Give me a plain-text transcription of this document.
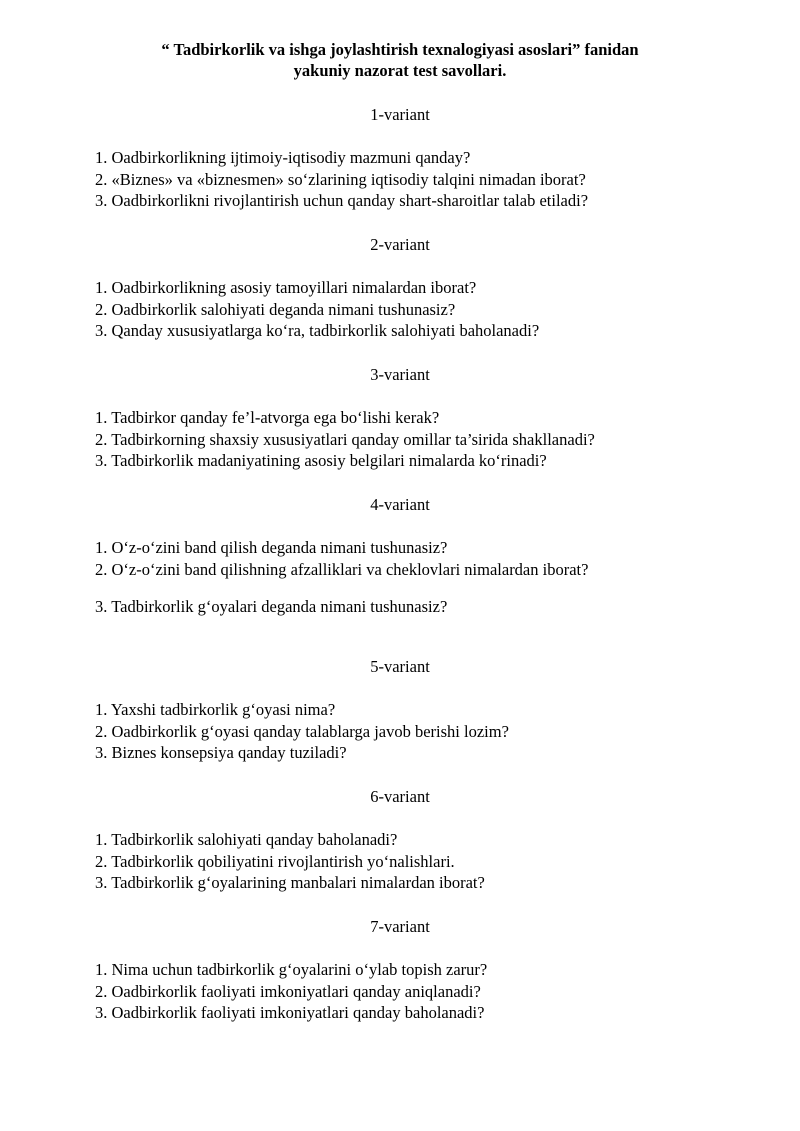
“ Tadbirkorlik va ishga joylashtirish texnalogiyasi asoslari” fanidan
yakuniy nazorat test savollari.
1-variant
1. Oadbirkorlikning ijtimoiy-iqtisodiy mazmuni qanday?
2. «Biznes» va «biznesmen» so‘zlarining iqtisodiy talqini nimadan iborat?
3. Oadbirkorlikni rivojlantirish uchun qanday shart-sharoitlar talab etiladi?
2-variant
1. Oadbirkorlikning asosiy tamoyillari nimalardan iborat?
2. Oadbirkorlik salohiyati deganda nimani tushunasiz?
3. Qanday xususiyatlarga ko‘ra, tadbirkorlik salohiyati baholanadi?
3-variant
1. Tadbirkor qanday fe’l-atvorga ega bo‘lishi kerak?
2. Tadbirkorning shaxsiy xususiyatlari qanday omillar ta’sirida shakllanadi?
3. Tadbirkorlik madaniyatining asosiy belgilari nimalarda ko‘rinadi?
4-variant
1. O‘z-o‘zini band qilish deganda nimani tushunasiz?
2. O‘z-o‘zini band qilishning afzalliklari va cheklovlari nimalardan iborat?
3. Tadbirkorlik g‘oyalari deganda nimani tushunasiz?
5-variant
1. Yaxshi tadbirkorlik g‘oyasi nima?
2. Oadbirkorlik g‘oyasi qanday talablarga javob berishi lozim?
3. Biznes konsepsiya qanday tuziladi?
6-variant
1. Tadbirkorlik salohiyati qanday baholanadi?
2. Tadbirkorlik qobiliyatini rivojlantirish yo‘nalishlari.
3. Tadbirkorlik g‘oyalarining manbalari nimalardan iborat?
7-variant
1. Nima uchun tadbirkorlik g‘oyalarini o‘ylab topish zarur?
2. Oadbirkorlik faoliyati imkoniyatlari qanday aniqlanadi?
3. Oadbirkorlik faoliyati imkoniyatlari qanday baholanadi?
